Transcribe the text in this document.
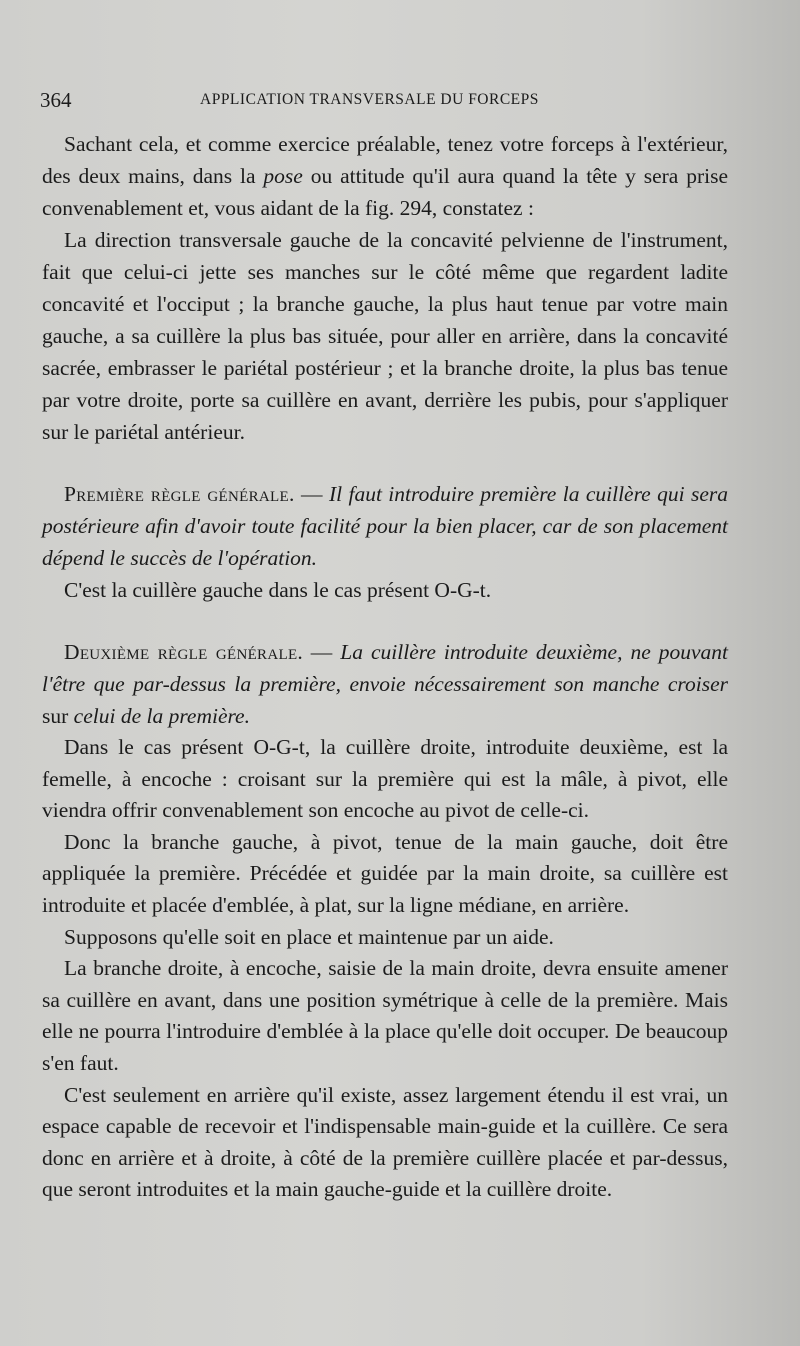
364	APPLICATION TRANSVERSALE DU FORCEPS

Sachant cela, et comme exercice préalable, tenez votre forceps à l'extérieur, des deux mains, dans la pose ou attitude qu'il aura quand la tête y sera prise convenablement et, vous aidant de la fig. 294, constatez :

La direction transversale gauche de la concavité pelvienne de l'instrument, fait que celui-ci jette ses manches sur le côté même que regardent ladite concavité et l'occiput ; la branche gauche, la plus haut tenue par votre main gauche, a sa cuillère la plus bas située, pour aller en arrière, dans la concavité sacrée, embrasser le pariétal postérieur ; et la branche droite, la plus bas tenue par votre droite, porte sa cuillère en avant, derrière les pubis, pour s'appliquer sur le pariétal antérieur.

Première règle générale. — Il faut introduire première la cuillère qui sera postérieure afin d'avoir toute facilité pour la bien placer, car de son placement dépend le succès de l'opération.

C'est la cuillère gauche dans le cas présent O-G-t.

Deuxième règle générale. — La cuillère introduite deuxième, ne pouvant l'être que par-dessus la première, envoie nécessairement son manche croiser sur celui de la première.

Dans le cas présent O-G-t, la cuillère droite, introduite deuxième, est la femelle, à encoche : croisant sur la première qui est la mâle, à pivot, elle viendra offrir convenablement son encoche au pivot de celle-ci.

Donc la branche gauche, à pivot, tenue de la main gauche, doit être appliquée la première. Précédée et guidée par la main droite, sa cuillère est introduite et placée d'emblée, à plat, sur la ligne médiane, en arrière.

Supposons qu'elle soit en place et maintenue par un aide.

La branche droite, à encoche, saisie de la main droite, devra ensuite amener sa cuillère en avant, dans une position symétrique à celle de la première. Mais elle ne pourra l'introduire d'emblée à la place qu'elle doit occuper. De beaucoup s'en faut.

C'est seulement en arrière qu'il existe, assez largement étendu il est vrai, un espace capable de recevoir et l'indispensable main-guide et la cuillère. Ce sera donc en arrière et à droite, à côté de la première cuillère placée et par-dessus, que seront introduites et la main gauche-guide et la cuillère droite.
